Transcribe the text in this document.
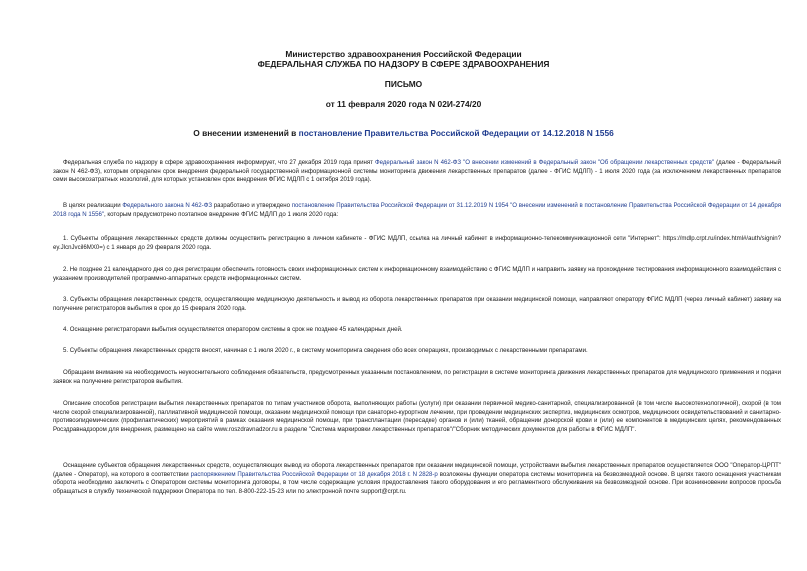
Министерство здравоохранения Российской Федерации
ФЕДЕРАЛЬНАЯ СЛУЖБА ПО НАДЗОРУ В СФЕРЕ ЗДРАВООХРАНЕНИЯ
ПИСЬМО
от 11 февраля 2020 года N 02И-274/20
О внесении изменений в постановление Правительства Российской Федерации от 14.12.2018 N 1556
Федеральная служба по надзору в сфере здравоохранения информирует, что 27 декабря 2019 года принят Федеральный закон N 462-ФЗ "О внесении изменений в Федеральный закон "Об обращении лекарственных средств" (далее - Федеральный закон N 462-ФЗ), которым определен срок внедрения федеральной государственной информационной системы мониторинга движения лекарственных препаратов (далее - ФГИС МДЛП) - 1 июля 2020 года (за исключением лекарственных препаратов семи высокозатратных нозологий, для которых установлен срок внедрения ФГИС МДЛП с 1 октября 2019 года).
В целях реализации Федерального закона N 462-ФЗ разработано и утверждено постановление Правительства Российской Федерации от 31.12.2019 N 1954 "О внесении изменений в постановление Правительства Российской Федерации от 14 декабря 2018 года N 1556", которым предусмотрено поэтапное внедрение ФГИС МДЛП до 1 июля 2020 года:
1. Субъекты обращения лекарственных средств должны осуществить регистрацию в личном кабинете - ФГИС МДЛП, ссылка на личный кабинет в информационно-телекоммуникационной сети "Интернет": https://mdlp.crpt.ru/index.html#/auth/signin?ey.JlcnJvcil6MX0=) с 1 января до 29 февраля 2020 года.
2. Не позднее 21 календарного дня со дня регистрации обеспечить готовность своих информационных систем к информационному взаимодействию с ФГИС МДЛП и направить заявку на прохождение тестирования информационного взаимодействия с указанием производителей программно-аппаратных средств информационных систем.
3. Субъекты обращения лекарственных средств, осуществляющие медицинскую деятельность и вывод из оборота лекарственных препаратов при оказании медицинской помощи, направляют оператору ФГИС МДЛП (через личный кабинет) заявку на получение регистраторов выбытия в срок до 15 февраля 2020 года.
4. Оснащение регистраторами выбытия осуществляется оператором системы в срок не позднее 45 календарных дней.
5. Субъекты обращения лекарственных средств вносят, начиная с 1 июля 2020 г., в систему мониторинга сведения обо всех операциях, производимых с лекарственными препаратами.
Обращаем внимание на необходимость неукоснительного соблюдения обязательств, предусмотренных указанным постановлением, по регистрации в системе мониторинга движения лекарственных препаратов для медицинского применения и подачи заявок на получение регистраторов выбытия.
Описание способов регистрации выбытия лекарственных препаратов по типам участников оборота, выполняющих работы (услуги) при оказании первичной медико-санитарной, специализированной (в том числе высокотехнологичной), скорой (в том числе скорой специализированной), паллиативной медицинской помощи, оказании медицинской помощи при санаторно-курортном лечении, при проведении медицинских экспертиз, медицинских осмотров, медицинских освидетельствований и санитарно-противоэпидемических (профилактических) мероприятий в рамках оказания медицинской помощи, при трансплантации (пересадке) органов и (или) тканей, обращении донорской крови и (или) ее компонентов в медицинских целях, рекомендованных Росздравнадзором для внедрения, размещено на сайте www.roszdravnadzor.ru в разделе "Система маркировки лекарственных препаратов"/"Сборник методических документов для работы в ФГИС МДЛП".
Оснащение субъектов обращения лекарственных средств, осуществляющих вывод из оборота лекарственных препаратов при оказании медицинской помощи, устройствами выбытия лекарственных препаратов осуществляется ООО "Оператор-ЦРПТ" (далее - Оператор), на которого в соответствии распоряжением Правительства Российской Федерации от 18 декабря 2018 г. N 2828-р возложены функции оператора системы мониторинга на безвозмездной основе. В целях такого оснащения участникам оборота необходимо заключить с Оператором системы мониторинга договоры, в том числе содержащие условия предоставления такого оборудования и его регламентного обслуживания на безвозмездной основе. При возникновении вопросов просьба обращаться в службу технической поддержки Оператора по тел. 8-800-222-15-23 или по электронной почте support@crpt.ru.
